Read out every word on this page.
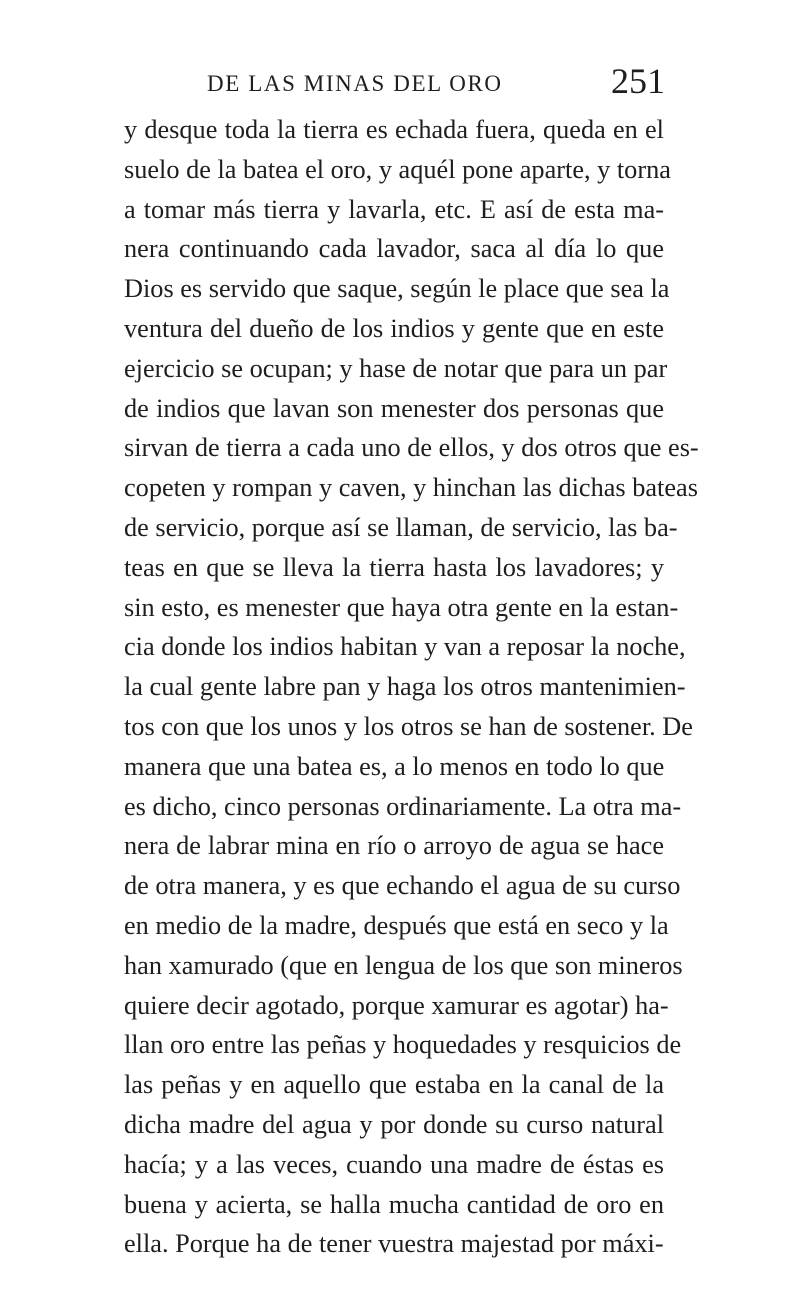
DE LAS MINAS DEL ORO	251
y desque toda la tierra es echada fuera, queda en el
suelo de la batea el oro, y aquél pone aparte, y torna
a tomar más tierra y lavarla, etc. E así de esta ma-
nera continuando cada lavador, saca al día lo que
Dios es servido que saque, según le place que sea la
ventura del dueño de los indios y gente que en este
ejercicio se ocupan; y hase de notar que para un par
de indios que lavan son menester dos personas que
sirvan de tierra a cada uno de ellos, y dos otros que es-
copeten y rompan y caven, y hinchan las dichas bateas
de servicio, porque así se llaman, de servicio, las ba-
teas en que se lleva la tierra hasta los lavadores; y
sin esto, es menester que haya otra gente en la estan-
cia donde los indios habitan y van a reposar la noche,
la cual gente labre pan y haga los otros mantenimien-
tos con que los unos y los otros se han de sostener. De
manera que una batea es, a lo menos en todo lo que
es dicho, cinco personas ordinariamente. La otra ma-
nera de labrar mina en río o arroyo de agua se hace
de otra manera, y es que echando el agua de su curso
en medio de la madre, después que está en seco y la
han xamurado (que en lengua de los que son mineros
quiere decir agotado, porque xamurar es agotar) ha-
llan oro entre las peñas y hoquedades y resquicios de
las peñas y en aquello que estaba en la canal de la
dicha madre del agua y por donde su curso natural
hacía; y a las veces, cuando una madre de éstas es
buena y acierta, se halla mucha cantidad de oro en
ella. Porque ha de tener vuestra majestad por máxi-
